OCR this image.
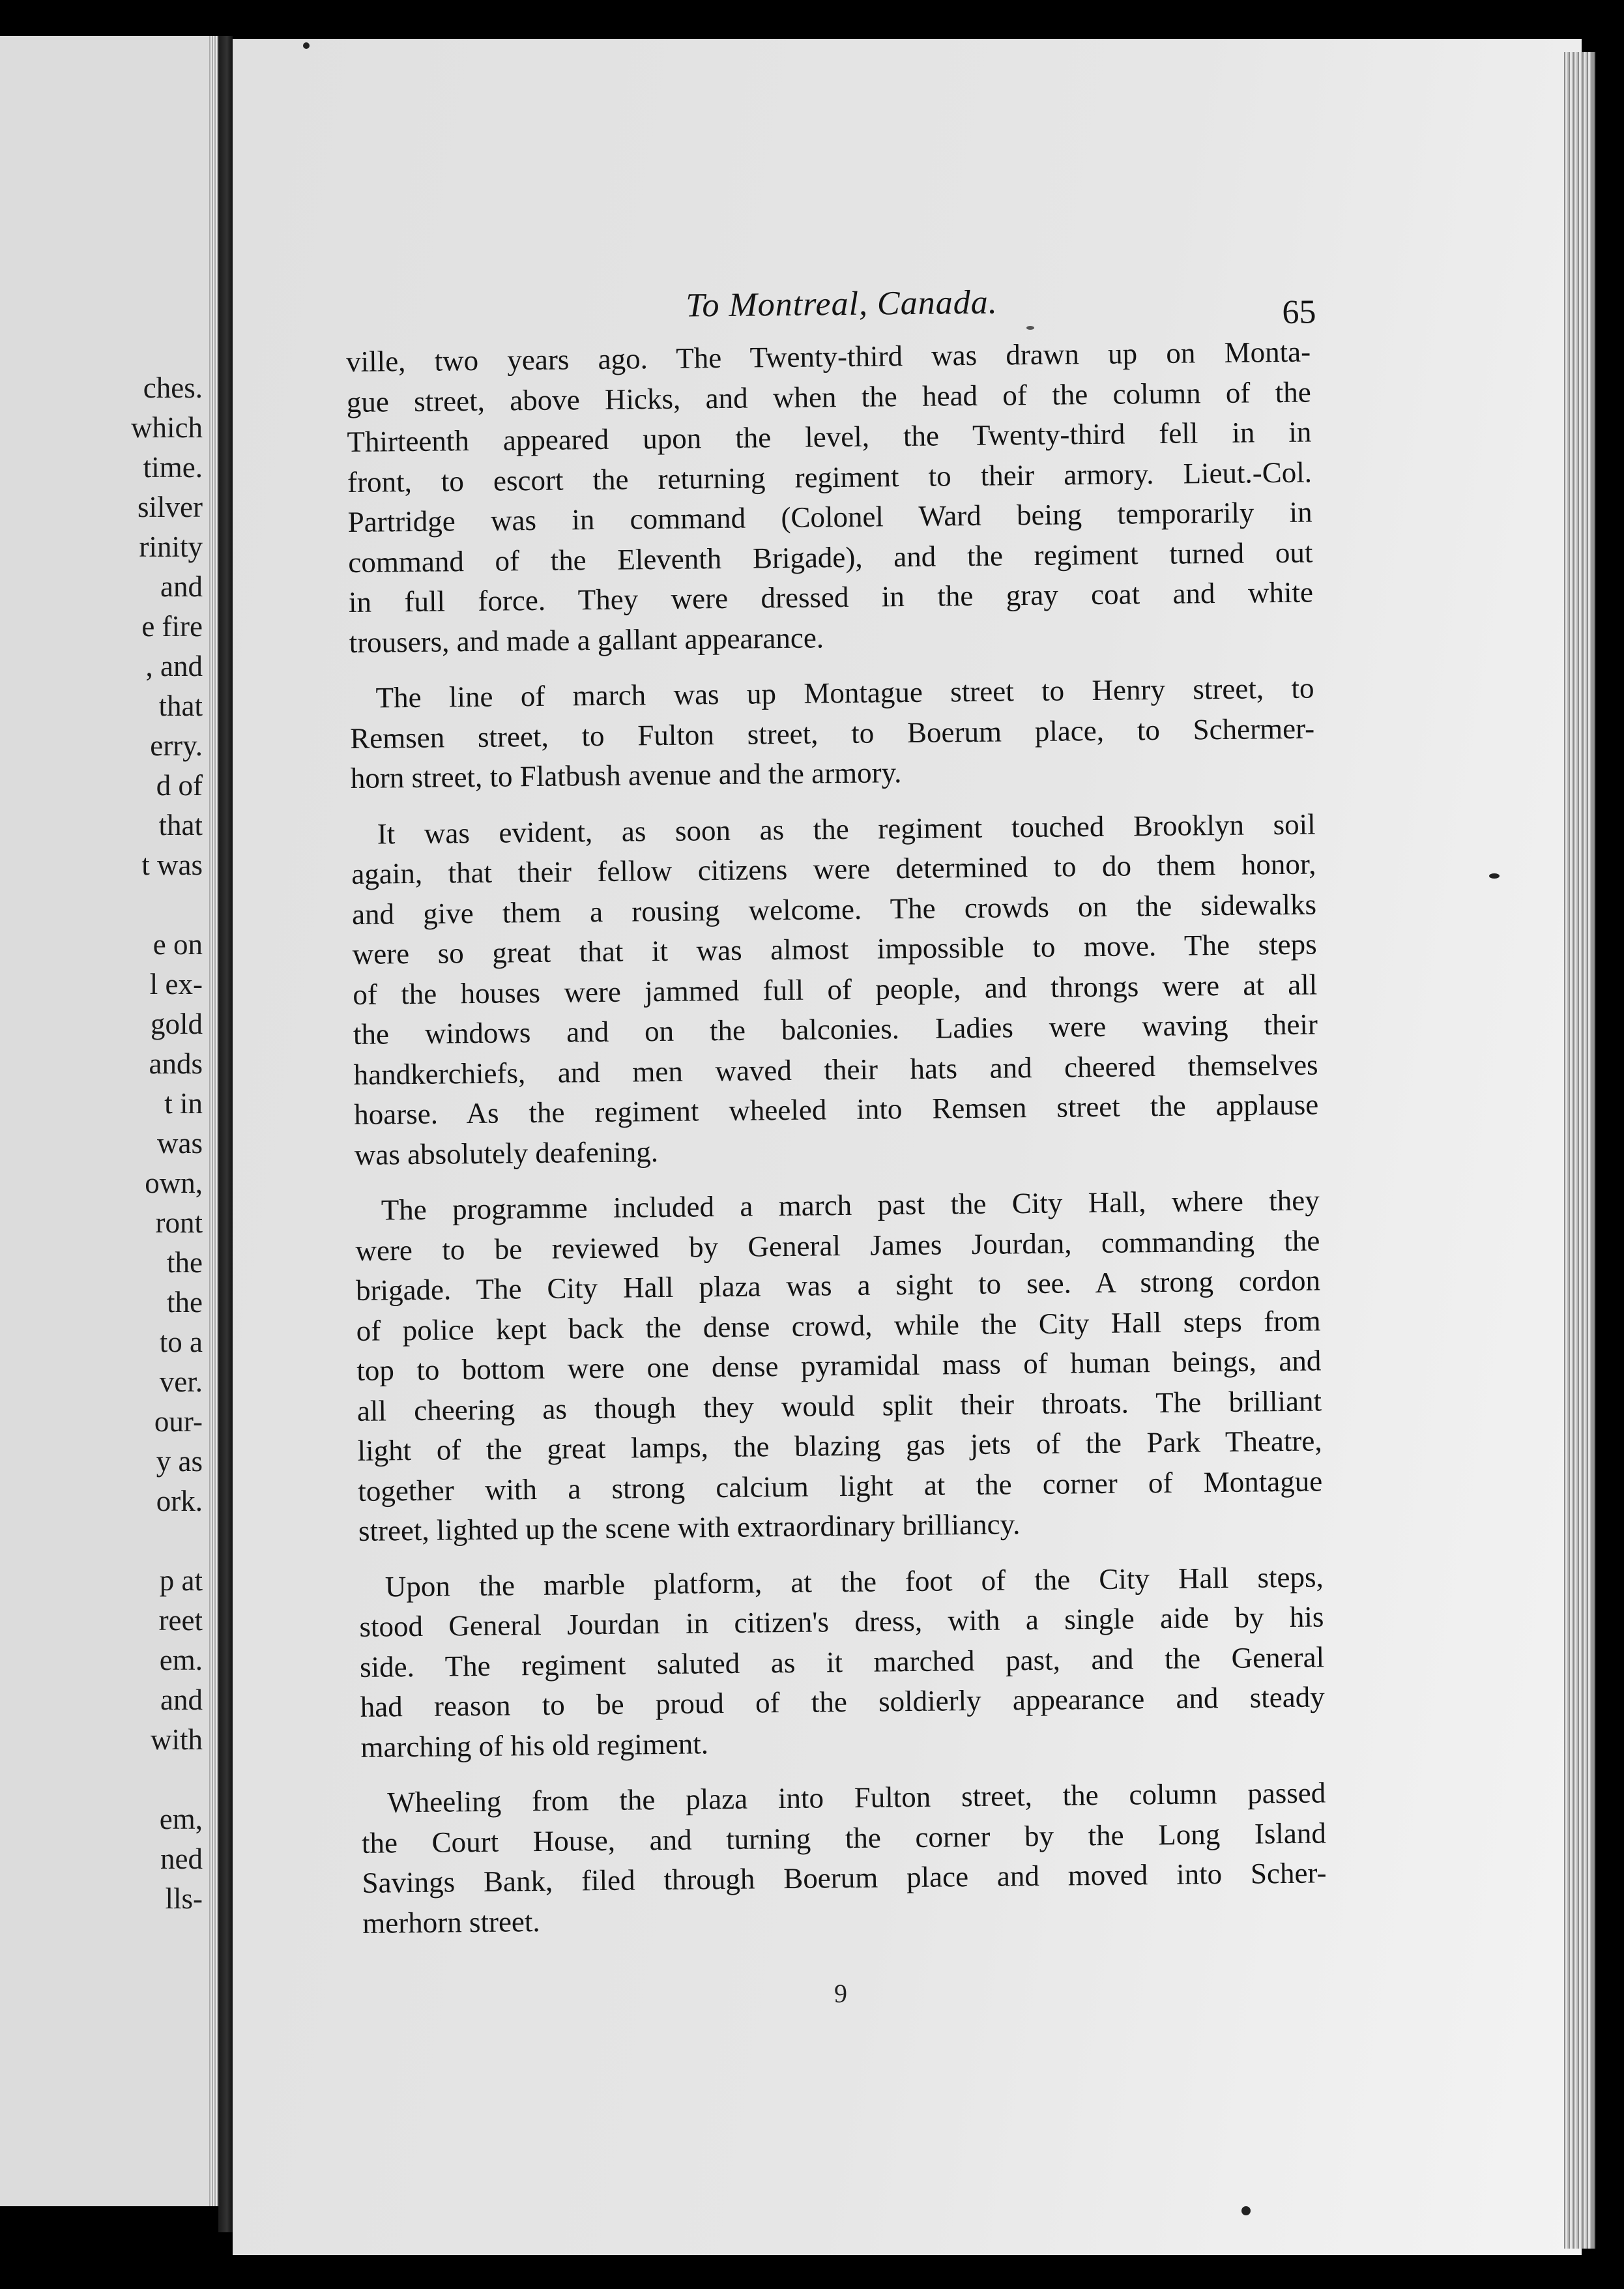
ches.
which
time.
silver
rinity
and
e fire
, and
that
erry.
d of
that
t was
e on
l ex-
gold
ands
t in
was
own,
ront
the
the
to a
ver.
our-
y as
ork.
p at
reet
em.
and
with
em,
ned
lls-
To Montreal, Canada.	65
ville, two years ago. The Twenty-third was drawn up on Monta-
gue street, above Hicks, and when the head of the column of the
Thirteenth appeared upon the level, the Twenty-third fell in in
front, to escort the returning regiment to their armory. Lieut.-Col.
Partridge was in command (Colonel Ward being temporarily in
command of the Eleventh Brigade), and the regiment turned out
in full force. They were dressed in the gray coat and white
trousers, and made a gallant appearance.
The line of march was up Montague street to Henry street, to
Remsen street, to Fulton street, to Boerum place, to Schermer-
horn street, to Flatbush avenue and the armory.
It was evident, as soon as the regiment touched Brooklyn soil
again, that their fellow citizens were determined to do them honor,
and give them a rousing welcome. The crowds on the sidewalks
were so great that it was almost impossible to move. The steps
of the houses were jammed full of people, and throngs were at all
the windows and on the balconies. Ladies were waving their
handkerchiefs, and men waved their hats and cheered themselves
hoarse. As the regiment wheeled into Remsen street the applause
was absolutely deafening.
The programme included a march past the City Hall, where they
were to be reviewed by General James Jourdan, commanding the
brigade. The City Hall plaza was a sight to see. A strong cordon
of police kept back the dense crowd, while the City Hall steps from
top to bottom were one dense pyramidal mass of human beings, and
all cheering as though they would split their throats. The brilliant
light of the great lamps, the blazing gas jets of the Park Theatre,
together with a strong calcium light at the corner of Montague
street, lighted up the scene with extraordinary brilliancy.
Upon the marble platform, at the foot of the City Hall steps,
stood General Jourdan in citizen's dress, with a single aide by his
side. The regiment saluted as it marched past, and the General
had reason to be proud of the soldierly appearance and steady
marching of his old regiment.
Wheeling from the plaza into Fulton street, the column passed
the Court House, and turning the corner by the Long Island
Savings Bank, filed through Boerum place and moved into Scher-
merhorn street.
9
